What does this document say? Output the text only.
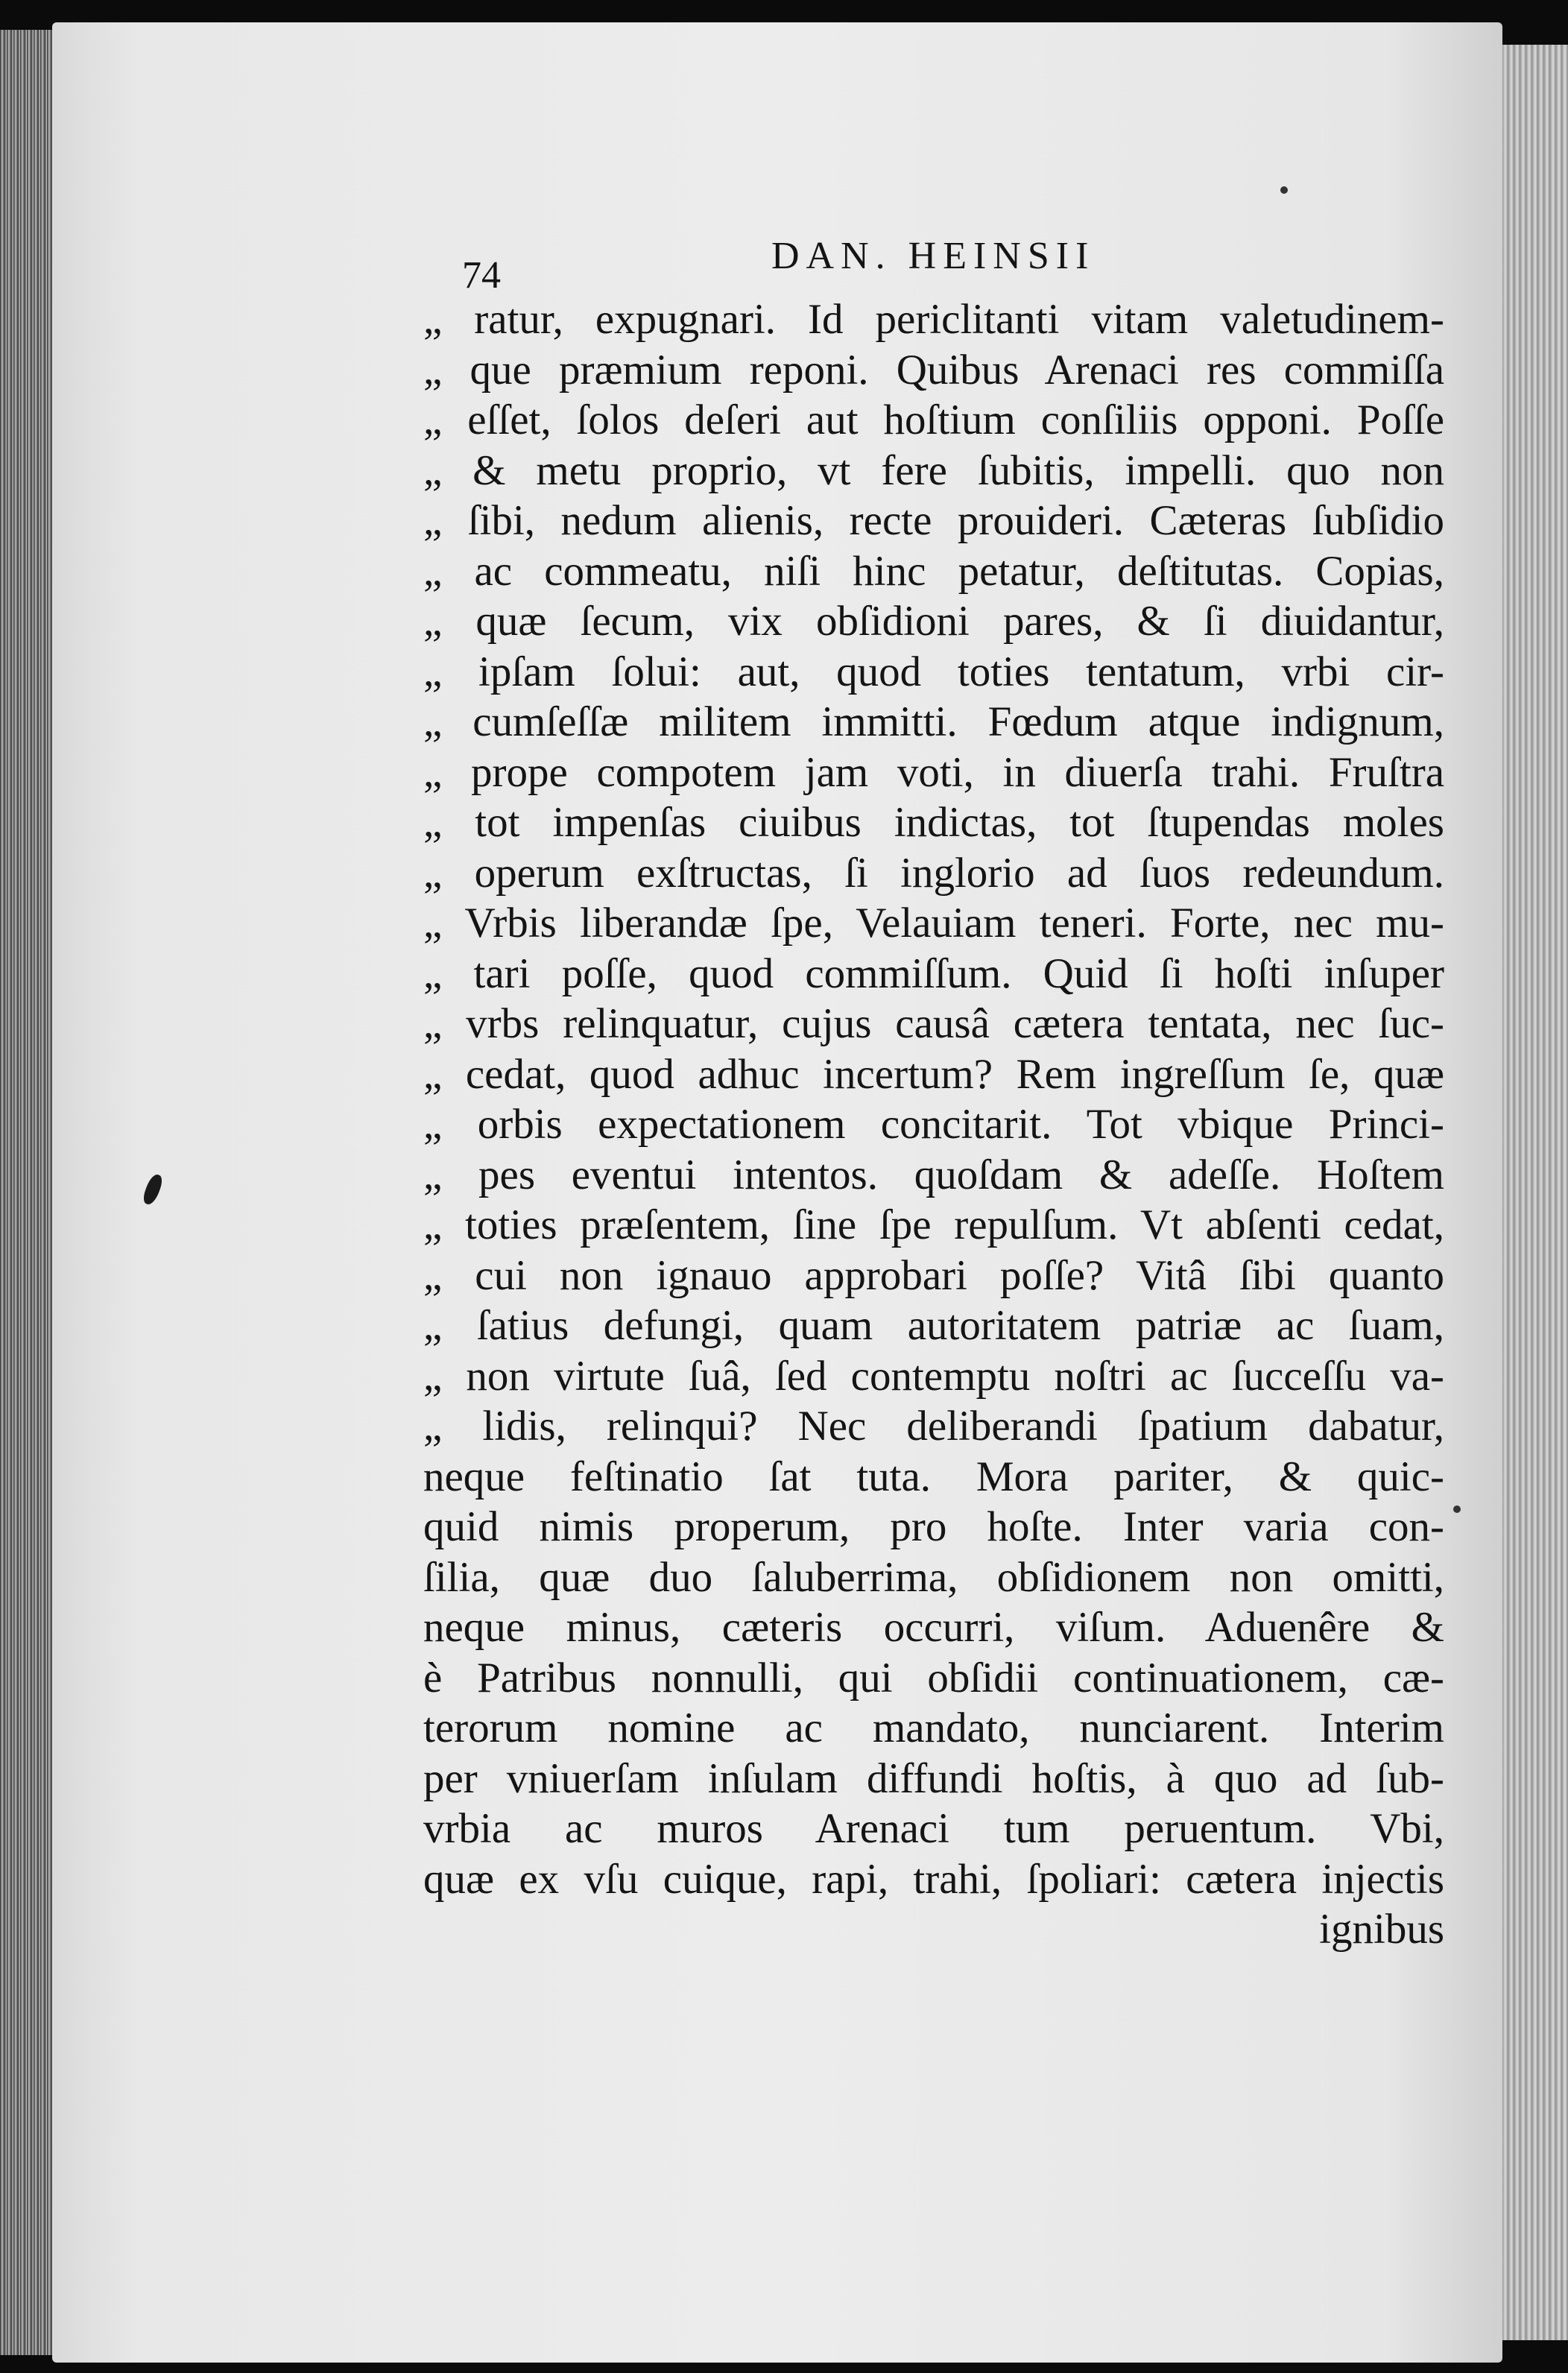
74	DAN. HEINSII
„ ratur, expugnari. Id periclitanti vitam valetudinem-
„ que præmium reponi. Quibus Arenaci res commiſſa
„ eſſet, ſolos deſeri aut hoſtium conſiliis opponi. Poſſe
„ & metu proprio, vt fere ſubitis, impelli. quo non
„ ſibi, nedum alienis, recte prouideri. Cæteras ſubſidio
„ ac commeatu, niſi hinc petatur, deſtitutas. Copias,
„ quæ ſecum, vix obſidioni pares, & ſi diuidantur,
„ ipſam ſolui: aut, quod toties tentatum, vrbi cir-
„ cumſeſſæ militem immitti. Fœdum atque indignum,
„ prope compotem jam voti, in diuerſa trahi. Fruſtra
„ tot impenſas ciuibus indictas, tot ſtupendas moles
„ operum exſtructas, ſi inglorio ad ſuos redeundum.
„ Vrbis liberandæ ſpe, Velauiam teneri. Forte, nec mu-
„ tari poſſe, quod commiſſum. Quid ſi hoſti inſuper
„ vrbs relinquatur, cujus causâ cætera tentata, nec ſuc-
„ cedat, quod adhuc incertum? Rem ingreſſum ſe, quæ
„ orbis expectationem concitarit. Tot vbique Princi-
„ pes eventui intentos. quoſdam & adeſſe. Hoſtem
„ toties præſentem, ſine ſpe repulſum. Vt abſenti cedat,
„ cui non ignauo approbari poſſe? Vitâ ſibi quanto
„ ſatius defungi, quam autoritatem patriæ ac ſuam,
„ non virtute ſuâ, ſed contemptu noſtri ac ſucceſſu va-
„ lidis, relinqui? Nec deliberandi ſpatium dabatur,
neque feſtinatio ſat tuta. Mora pariter, & quic-
quid nimis properum, pro hoſte. Inter varia con-
ſilia, quæ duo ſaluberrima, obſidionem non omitti,
neque minus, cæteris occurri, viſum. Aduenêre &
è Patribus nonnulli, qui obſidii continuationem, cæ-
terorum nomine ac mandato, nunciarent. Interim
per vniuerſam inſulam diffundi hoſtis, à quo ad ſub-
vrbia ac muros Arenaci tum peruentum. Vbi,
quæ ex vſu cuique, rapi, trahi, ſpoliari: cætera injectis
ignibus
